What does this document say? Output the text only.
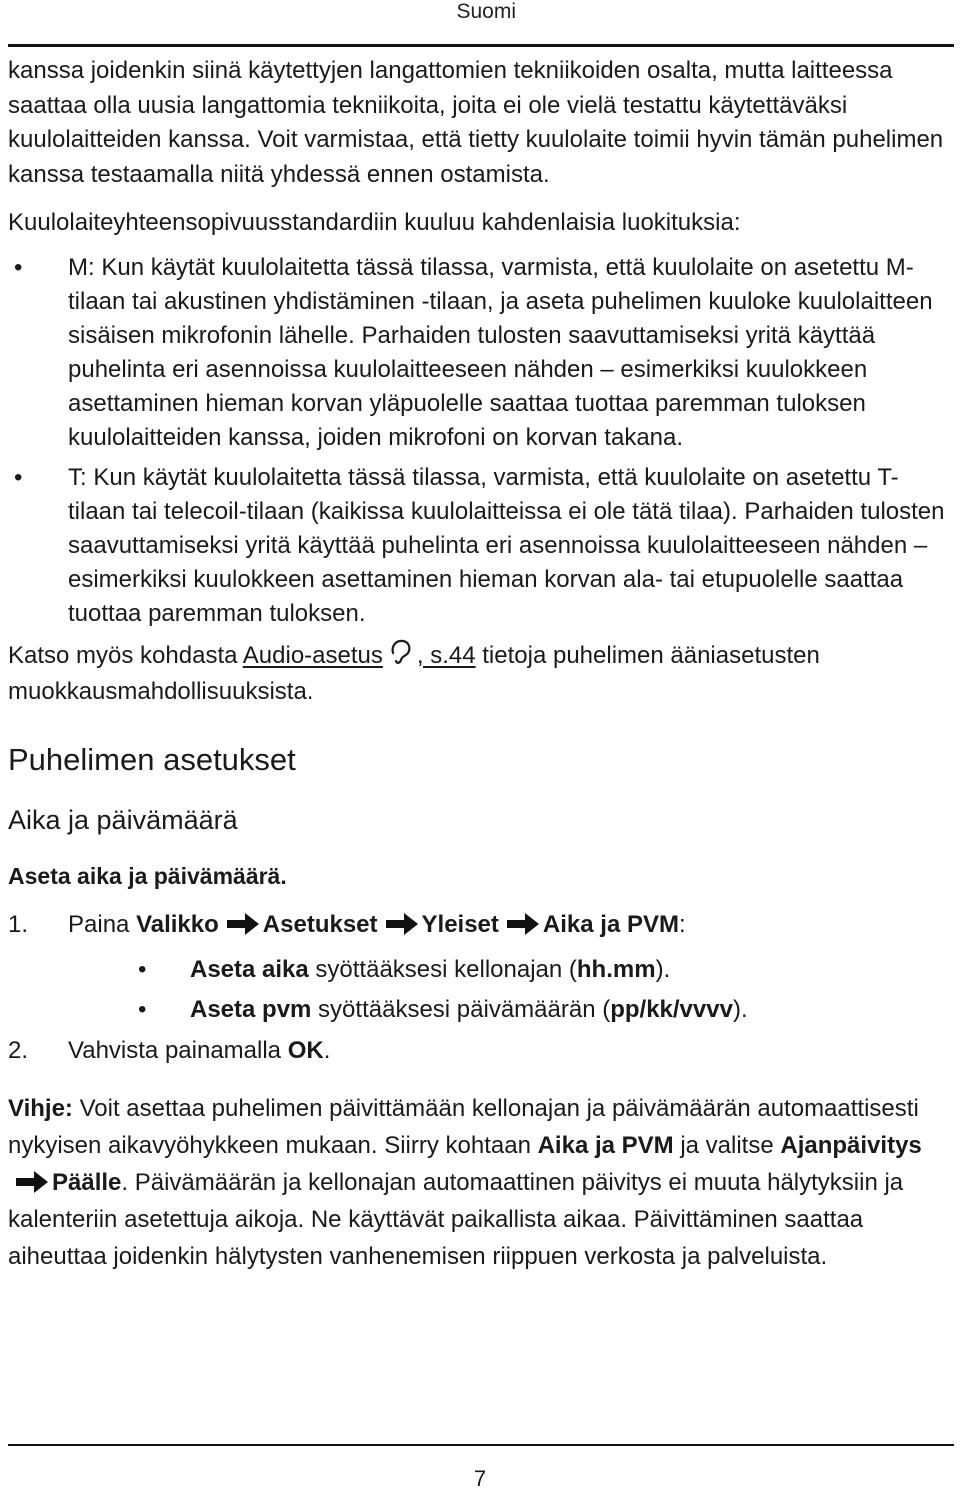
Suomi

kanssa joidenkin siinä käytettyjen langattomien tekniikoiden osalta, mutta laitteessa saattaa olla uusia langattomia tekniikoita, joita ei ole vielä testattu käytettäväksi kuulolaitteiden kanssa. Voit varmistaa, että tietty kuulolaite toimii hyvin tämän puhelimen kanssa testaamalla niitä yhdessä ennen ostamista.

Kuulolaiteyhteensopivuusstandardiin kuuluu kahdenlaisia luokituksia:

• M: Kun käytät kuulolaitetta tässä tilassa, varmista, että kuulolaite on asetettu M-tilaan tai akustinen yhdistäminen -tilaan, ja aseta puhelimen kuuloke kuulolaitteen sisäisen mikrofonin lähelle. Parhaiden tulosten saavuttamiseksi yritä käyttää puhelinta eri asennoissa kuulolaitteeseen nähden – esimerkiksi kuulokkeen asettaminen hieman korvan yläpuolelle saattaa tuottaa paremman tuloksen kuulolaitteiden kanssa, joiden mikrofoni on korvan takana.
• T: Kun käytät kuulolaitetta tässä tilassa, varmista, että kuulolaite on asetettu T-tilaan tai telecoil-tilaan (kaikissa kuulolaitteissa ei ole tätä tilaa). Parhaiden tulosten saavuttamiseksi yritä käyttää puhelinta eri asennoissa kuulolaitteeseen nähden – esimerkiksi kuulokkeen asettaminen hieman korvan ala- tai etupuolelle saattaa tuottaa paremman tuloksen.

Katso myös kohdasta Audio-asetus , s.44 tietoja puhelimen ääniasetusten muokkausmahdollisuuksista.

Puhelimen asetukset
Aika ja päivämäärä

Aseta aika ja päivämäärä.

1. Paina Valikko Asetukset Yleiset Aika ja PVM:
• Aseta aika syöttääksesi kellonajan (hh.mm).
• Aseta pvm syöttääksesi päivämäärän (pp/kk/vvvv).
2. Vahvista painamalla OK.

Vihje: Voit asettaa puhelimen päivittämään kellonajan ja päivämäärän automaattisesti nykyisen aikavyöhykkeen mukaan. Siirry kohtaan Aika ja PVM ja valitse AjanpäivitysPäälle. Päivämäärän ja kellonajan automaattinen päivitys ei muuta hälytyksiin ja kalenteriin asetettuja aikoja. Ne käyttävät paikallista aikaa. Päivittäminen saattaa aiheuttaa joidenkin hälytysten vanhenemisen riippuen verkosta ja palveluista.

7
